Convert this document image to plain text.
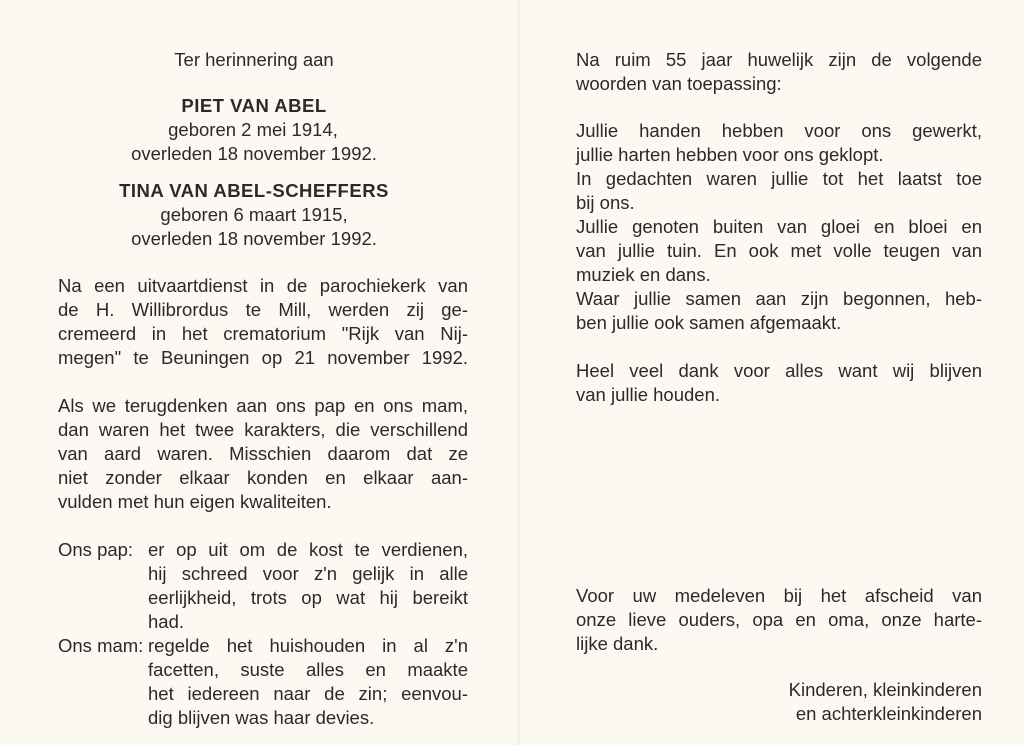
Ter herinnering aan

PIET VAN ABEL

geboren 2 mei 1914,

overleden 18 november 1992.

TINA VAN ABEL-SCHEFFERS

geboren 6 maart 1915,

overleden 18 november 1992.

Na een uitvaartdienst in de parochiekerk van
de H. Willibrordus te Mill, werden zij ge-
cremeerd in het crematorium "Rijk van Nij-
megen" te Beuningen op 21 november 1992.
Als we terugdenken aan ons pap en ons mam,
dan waren het twee karakters, die verschillend
van aard waren. Misschien daarom dat ze
niet zonder elkaar konden en elkaar aan-
vulden met hun eigen kwaliteiten.
Ons pap: er op uit om de kost te verdienen,
hij schreed voor z'n gelijk in alle
eerlijkheid, trots op wat hij bereikt
had.
Ons mam: regelde het huishouden in al z'n
facetten, suste alles en maakte
het iedereen naar de zin; eenvou-
dig blijven was haar devies.
Na ruim 55 jaar huwelijk zijn de volgende
woorden van toepassing:
Jullie handen hebben voor ons gewerkt,
jullie harten hebben voor ons geklopt.
In gedachten waren jullie tot het laatst toe
bij ons.
Jullie genoten buiten van gloei en bloei en
van jullie tuin. En ook met volle teugen van
muziek en dans.
Waar jullie samen aan zijn begonnen, heb-
ben jullie ook samen afgemaakt.
Heel veel dank voor alles want wij blijven
van jullie houden.
Voor uw medeleven bij het afscheid van
onze lieve ouders, opa en oma, onze harte-
lijke dank.

Kinderen, kleinkinderen

en achterkleinkinderen
